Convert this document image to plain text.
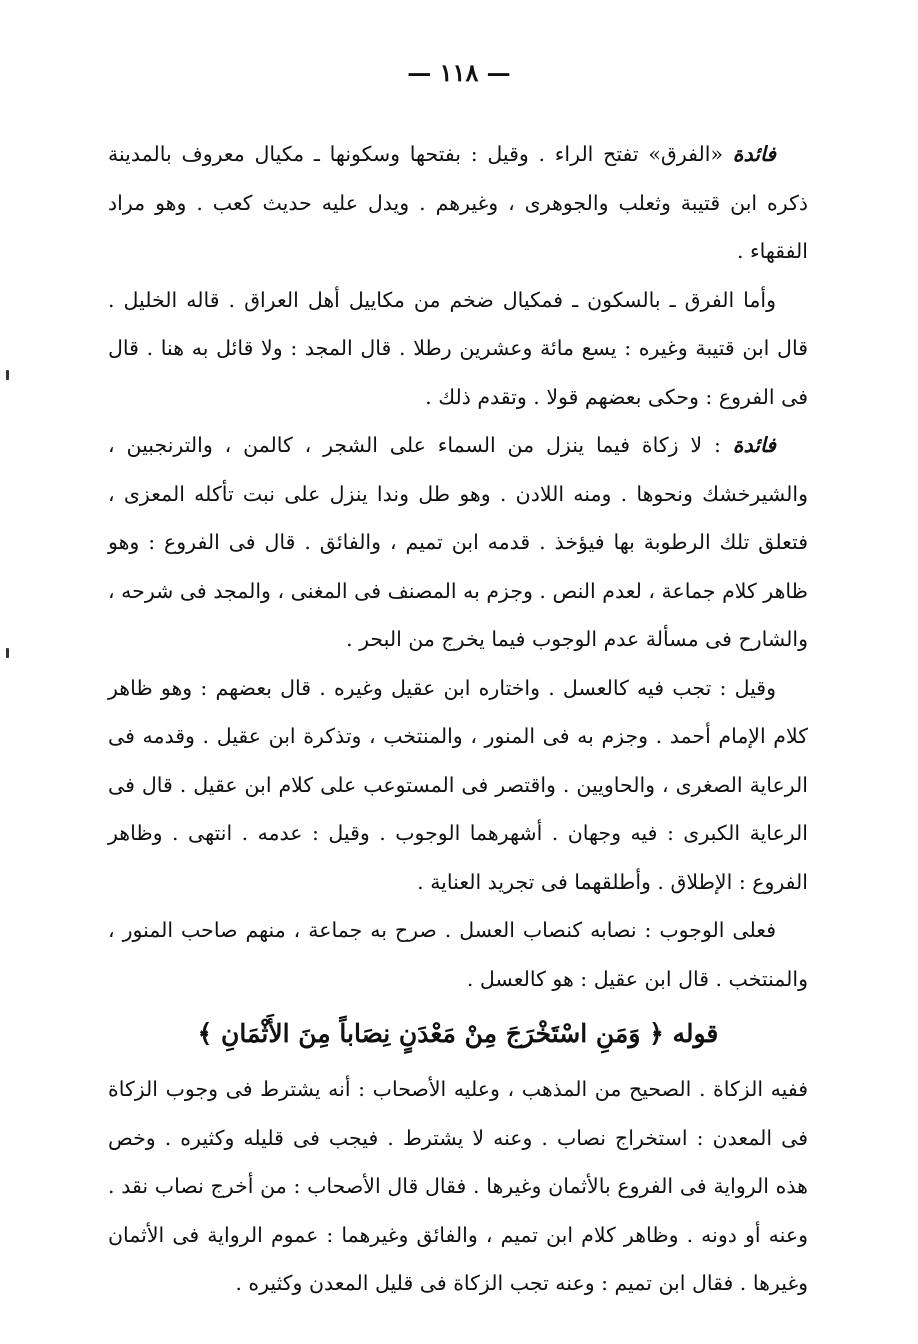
— ١١٨ —

فائدة «الفرق» تفتح الراء . وقيل : بفتحها وسكونها ـ مكيال معروف بالمدينة ذكره ابن قتيبة وثعلب والجوهرى ، وغيرهم . ويدل عليه حديث كعب . وهو مراد الفقهاء .

وأما الفرق ـ بالسكون ـ فمكيال ضخم من مكاييل أهل العراق . قاله الخليل . قال ابن قتيبة وغيره : يسع مائة وعشرين رطلا . قال المجد : ولا قائل به هنا . قال فى الفروع : وحكى بعضهم قولا . وتقدم ذلك .

فائدة : لا زكاة فيما ينزل من السماء على الشجر ، كالمن ، والترنجبين ، والشيرخشك ونحوها . ومنه اللادن . وهو طل وندا ينزل على نبت تأكله المعزى ، فتعلق تلك الرطوبة بها فيؤخذ . قدمه ابن تميم ، والفائق . قال فى الفروع : وهو ظاهر كلام جماعة ، لعدم النص . وجزم به المصنف فى المغنى ، والمجد فى شرحه ، والشارح فى مسألة عدم الوجوب فيما يخرج من البحر .

وقيل : تجب فيه كالعسل . واختاره ابن عقيل وغيره . قال بعضهم : وهو ظاهر كلام الإمام أحمد . وجزم به فى المنور ، والمنتخب ، وتذكرة ابن عقيل . وقدمه فى الرعاية الصغرى ، والحاويين . واقتصر فى المستوعب على كلام ابن عقيل . قال فى الرعاية الكبرى : فيه وجهان . أشهرهما الوجوب . وقيل : عدمه . انتهى . وظاهر الفروع : الإطلاق . وأطلقهما فى تجريد العناية .

فعلى الوجوب : نصابه كنصاب العسل . صرح به جماعة ، منهم صاحب المنور ، والمنتخب . قال ابن عقيل : هو كالعسل .

قوله ﴿ وَمَنِ اسْتَخْرَجَ مِنْ مَعْدَنٍ نِصَاباً مِنَ الأَثْمَانِ ﴾

ففيه الزكاة . الصحيح من المذهب ، وعليه الأصحاب : أنه يشترط فى وجوب الزكاة فى المعدن : استخراج نصاب . وعنه لا يشترط . فيجب فى قليله وكثيره . وخص هذه الرواية فى الفروع بالأثمان وغيرها . فقال قال الأصحاب : من أخرج نصاب نقد . وعنه أو دونه . وظاهر كلام ابن تميم ، والفائق وغيرهما : عموم الرواية فى الأثمان وغيرها . فقال ابن تميم : وعنه تجب الزكاة فى قليل المعدن وكثيره .
